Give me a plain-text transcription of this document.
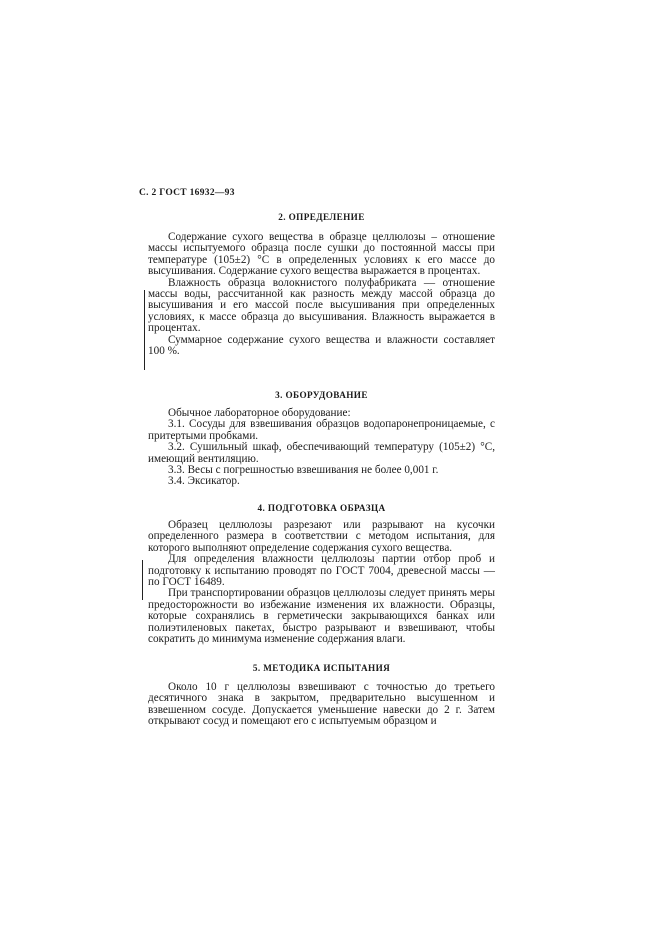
С. 2 ГОСТ 16932—93
2. ОПРЕДЕЛЕНИЕ

Содержание сухого вещества в образце целлюлозы – отношение массы испытуемого образца после сушки до постоянной массы при температуре (105±2) °С в определенных условиях к его массе до высушивания. Содержание сухого вещества выражается в процентах.

Влажность образца волокнистого полуфабриката — отношение массы воды, рассчитанной как разность между массой образца до высушивания и его массой после высушивания при определенных условиях, к массе образца до высушивания. Влажность выражается в процентах.

Суммарное содержание сухого вещества и влажности составляет 100 %.

3. ОБОРУДОВАНИЕ

Обычное лабораторное оборудование:

3.1. Сосуды для взвешивания образцов водопаронепроницаемые, с притертыми пробками.

3.2. Сушильный шкаф, обеспечивающий температуру (105±2) °С, имеющий вентиляцию.

3.3. Весы с погрешностью взвешивания не более 0,001 г.

3.4. Эксикатор.

4. ПОДГОТОВКА ОБРАЗЦА

Образец целлюлозы разрезают или разрывают на кусочки определенного размера в соответствии с методом испытания, для которого выполняют определение содержания сухого вещества.

Для определения влажности целлюлозы партии отбор проб и подготовку к испытанию проводят по ГОСТ 7004, древесной массы — по ГОСТ 16489.

При транспортировании образцов целлюлозы следует принять меры предосторожности во избежание изменения их влажности. Образцы, которые сохранялись в герметически закрывающихся банках или полиэтиленовых пакетах, быстро разрывают и взвешивают, чтобы сократить до минимума изменение содержания влаги.

5. МЕТОДИКА ИСПЫТАНИЯ

Около 10 г целлюлозы взвешивают с точностью до третьего десятичного знака в закрытом, предварительно высушенном и взвешенном сосуде. Допускается уменьшение навески до 2 г. Затем открывают сосуд и помещают его с испытуемым образцом и
